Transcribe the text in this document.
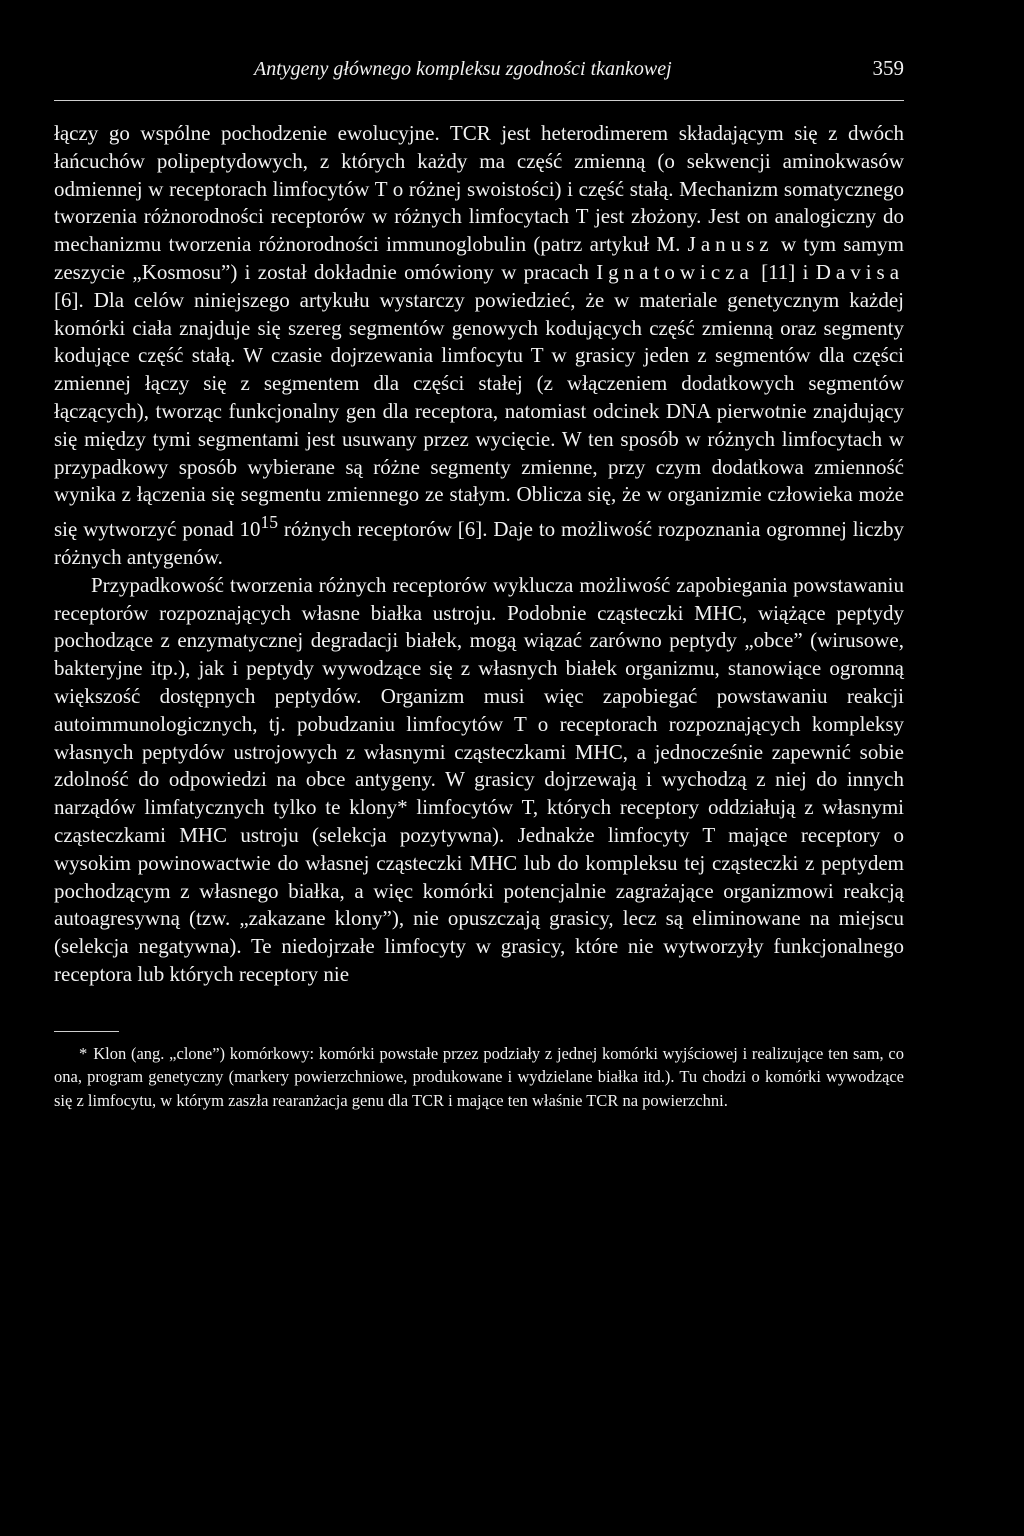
Antygeny głównego kompleksu zgodności tkankowej	359

łączy go wspólne pochodzenie ewolucyjne. TCR jest heterodimerem składającym się z dwóch łańcuchów polipeptydowych, z których każdy ma część zmienną (o sekwencji aminokwasów odmiennej w receptorach limfocytów T o różnej swoistości) i część stałą. Mechanizm somatycznego tworzenia różnorodności receptorów w różnych limfocytach T jest złożony. Jest on analogiczny do mechanizmu tworzenia różnorodności immunoglobulin (patrz artykuł M. Janusz w tym samym zeszycie „Kosmosu”) i został dokładnie omówiony w pracach Ignatowicza [11] i Davisa [6]. Dla celów niniejszego artykułu wystarczy powiedzieć, że w materiale genetycznym każdej komórki ciała znajduje się szereg segmentów genowych kodujących część zmienną oraz segmenty kodujące część stałą. W czasie dojrzewania limfocytu T w grasicy jeden z segmentów dla części zmiennej łączy się z segmentem dla części stałej (z włączeniem dodatkowych segmentów łączących), tworząc funkcjonalny gen dla receptora, natomiast odcinek DNA pierwotnie znajdujący się między tymi segmentami jest usuwany przez wycięcie. W ten sposób w różnych limfocytach w przypadkowy sposób wybierane są różne segmenty zmienne, przy czym dodatkowa zmienność wynika z łączenia się segmentu zmiennego ze stałym. Oblicza się, że w organizmie człowieka może się wytworzyć ponad $10^{15}$ różnych receptorów [6]. Daje to możliwość rozpoznania ogromnej liczby różnych antygenów.

Przypadkowość tworzenia różnych receptorów wyklucza możliwość zapobiegania powstawaniu receptorów rozpoznających własne białka ustroju. Podobnie cząsteczki MHC, wiążące peptydy pochodzące z enzymatycznej degradacji białek, mogą wiązać zarówno peptydy „obce” (wirusowe, bakteryjne itp.), jak i peptydy wywodzące się z własnych białek organizmu, stanowiące ogromną większość dostępnych peptydów. Organizm musi więc zapobiegać powstawaniu reakcji autoimmunologicznych, tj. pobudzaniu limfocytów T o receptorach rozpoznających kompleksy własnych peptydów ustrojowych z własnymi cząsteczkami MHC, a jednocześnie zapewnić sobie zdolność do odpowiedzi na obce antygeny. W grasicy dojrzewają i wychodzą z niej do innych narządów limfatycznych tylko te klony* limfocytów T, których receptory oddziałują z własnymi cząsteczkami MHC ustroju (selekcja pozytywna). Jednakże limfocyty T mające receptory o wysokim powinowactwie do własnej cząsteczki MHC lub do kompleksu tej cząsteczki z peptydem pochodzącym z własnego białka, a więc komórki potencjalnie zagrażające organizmowi reakcją autoagresywną (tzw. „zakazane klony”), nie opuszczają grasicy, lecz są eliminowane na miejscu (selekcja negatywna). Te niedojrzałe limfocyty w grasicy, które nie wytworzyły funkcjonalnego receptora lub których receptory nie

* Klon (ang. „clone”) komórkowy: komórki powstałe przez podziały z jednej komórki wyjściowej i realizujące ten sam, co ona, program genetyczny (markery powierzchniowe, produkowane i wydzielane białka itd.). Tu chodzi o komórki wywodzące się z limfocytu, w którym zaszła rearanżacja genu dla TCR i mające ten właśnie TCR na powierzchni.
